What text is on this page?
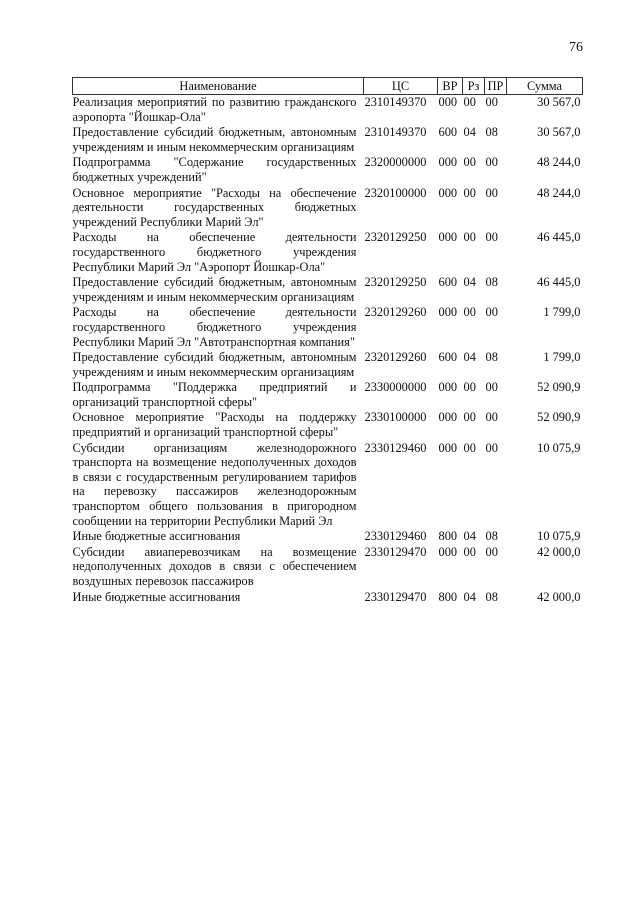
76
Наименование	ЦС	ВР	Рз	ПР	Сумма
Реализация мероприятий по развитию гражданского аэропорта "Йошкар-Ола"	2310149370	000	00	00	30 567,0
Предоставление субсидий бюджетным, автономным учреждениям и иным некоммерческим организациям	2310149370	600	04	08	30 567,0
Подпрограмма "Содержание государственных бюджетных учреждений"	2320000000	000	00	00	48 244,0
Основное мероприятие "Расходы на обеспечение деятельности государственных бюджетных учреждений Республики Марий Эл"	2320100000	000	00	00	48 244,0
Расходы на обеспечение деятельности государственного бюджетного учреждения Республики Марий Эл "Аэропорт Йошкар-Ола"	2320129250	000	00	00	46 445,0
Предоставление субсидий бюджетным, автономным учреждениям и иным некоммерческим организациям	2320129250	600	04	08	46 445,0
Расходы на обеспечение деятельности государственного бюджетного учреждения Республики Марий Эл "Автотранспортная компания"	2320129260	000	00	00	1 799,0
Предоставление субсидий бюджетным, автономным учреждениям и иным некоммерческим организациям	2320129260	600	04	08	1 799,0
Подпрограмма "Поддержка предприятий и организаций транспортной сферы"	2330000000	000	00	00	52 090,9
Основное мероприятие "Расходы на поддержку предприятий и организаций транспортной сферы"	2330100000	000	00	00	52 090,9
Субсидии организациям железнодорожного транспорта на возмещение недополученных доходов в связи с государственным регулированием тарифов на перевозку пассажиров железнодорожным транспортом общего пользования в пригородном сообщении на территории Республики Марий Эл	2330129460	000	00	00	10 075,9
Иные бюджетные ассигнования	2330129460	800	04	08	10 075,9
Субсидии авиаперевозчикам на возмещение недополученных доходов в связи с обеспечением воздушных перевозок пассажиров	2330129470	000	00	00	42 000,0
Иные бюджетные ассигнования	2330129470	800	04	08	42 000,0
